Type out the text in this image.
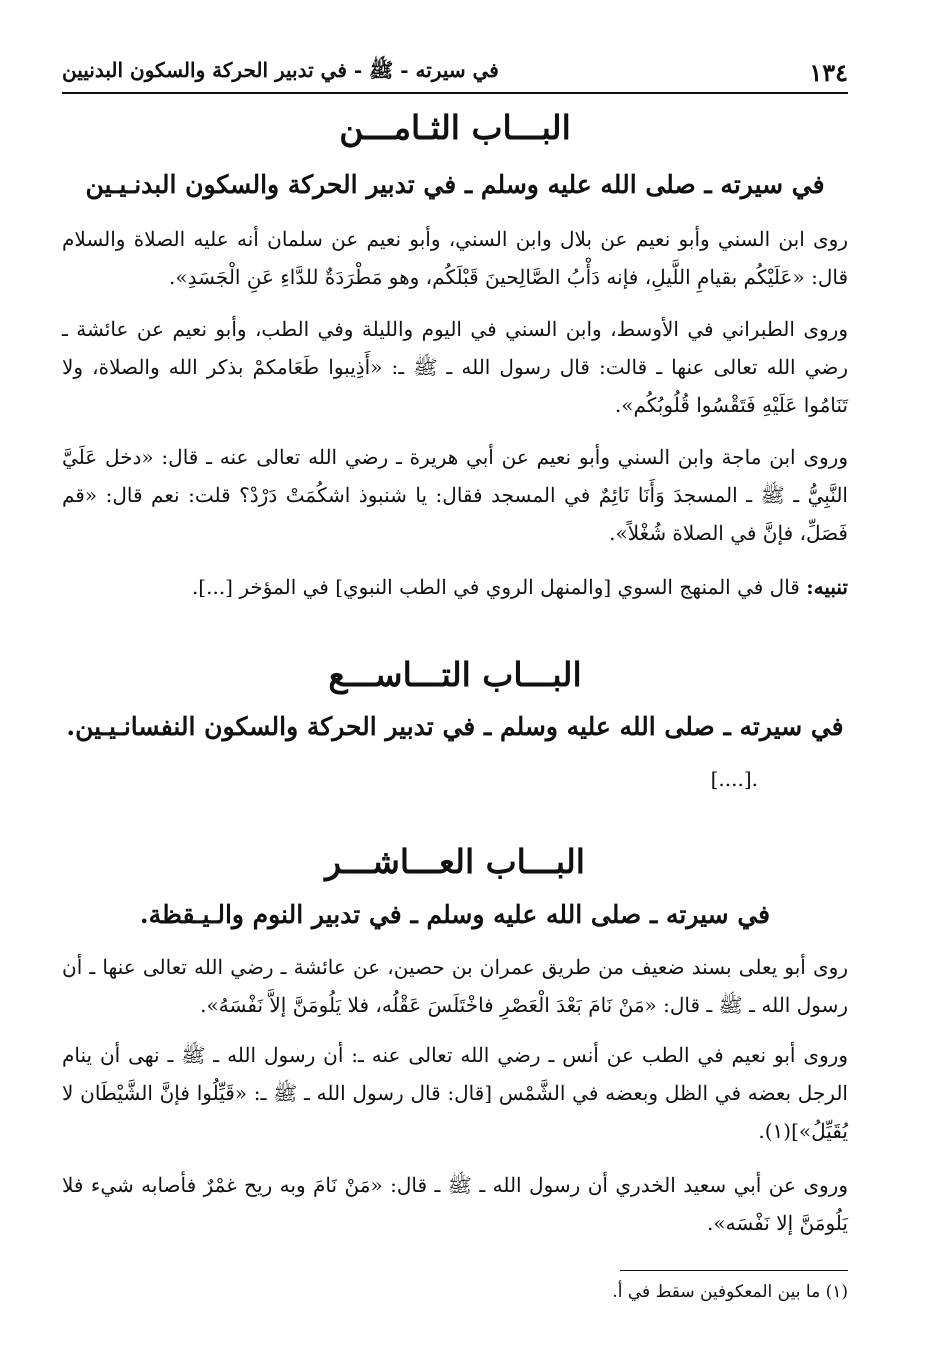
١٣٤
في سيرته - ﷺ - في تدبير الحركة والسكون البدنيين
البـــاب الثـامـــن
في سيرته ـ صلى الله عليه وسلم ـ في تدبير الحركة والسكون البدنـيـين
روى ابن السني وأبو نعيم عن بلال وابن السني، وأبو نعيم عن سلمان أنه عليه الصلاة والسلام قال: «عَلَيْكُم بقيامِ اللَّيلِ، فإنه دَأْبُ الصَّالِحينَ قَبْلَكُم، وهو مَطْرَدَةٌ للدَّاءِ عَنِ الْجَسَدِ».
وروى الطبراني في الأوسط، وابن السني في اليوم والليلة وفي الطب، وأبو نعيم عن عائشة ـ رضي الله تعالى عنها ـ قالت: قال رسول الله ـ ﷺ ـ: «أَذِيبوا طَعَامكمْ بذكر الله والصلاة، ولا تَنَامُوا عَلَيْهِ فَتَقْسُوا قُلُوبُكُم».
وروى ابن ماجة وابن السني وأبو نعيم عن أبي هريرة ـ رضي الله تعالى عنه ـ قال: «دخل عَلَيَّ النَّبِيُّ ـ ﷺ ـ المسجدَ وَأَنَا نَائِمٌ في المسجد فقال: يا شنبوذ اشكُمَتْ دَرْدْ؟ قلت: نعم قال: «قم فَصَلِّ، فإنَّ في الصلاة شُغْلاً».
تنبيه: قال في المنهج السوي [والمنهل الروي في الطب النبوي] في المؤخر [...].
البـــاب التـــاســـع
في سيرته ـ صلى الله عليه وسلم ـ في تدبير الحركة والسكون النفسانـيـين.
.[....]
البـــاب العـــاشـــر
في سيرته ـ صلى الله عليه وسلم ـ في تدبير النوم والـيـقظة.
روى أبو يعلى بسند ضعيف من طريق عمران بن حصين، عن عائشة ـ رضي الله تعالى عنها ـ أن رسول الله ـ ﷺ ـ قال: «مَنْ نَامَ بَعْدَ الْعَصْرِ فاخْتَلَسَ عَقْلُه، فلا يَلُومَنَّ إلاَّ نَفْسَهُ».
وروى أبو نعيم في الطب عن أنس ـ رضي الله تعالى عنه ـ: أن رسول الله ـ ﷺ ـ نهى أن ينام الرجل بعضه في الظل وبعضه في الشَّمْس [قال: قال رسول الله ـ ﷺ ـ: «قَيِّلُوا فإنَّ الشَّيْطَان لا يُقَيِّلُ»](١).
وروى عن أبي سعيد الخدري أن رسول الله ـ ﷺ ـ قال: «مَنْ نَامَ وبه ريح غمْرٌ فأصابه شيء فلا يَلُومَنَّ إلا نَفْسَه».
(١) ما بين المعكوفين سقط في أ.
